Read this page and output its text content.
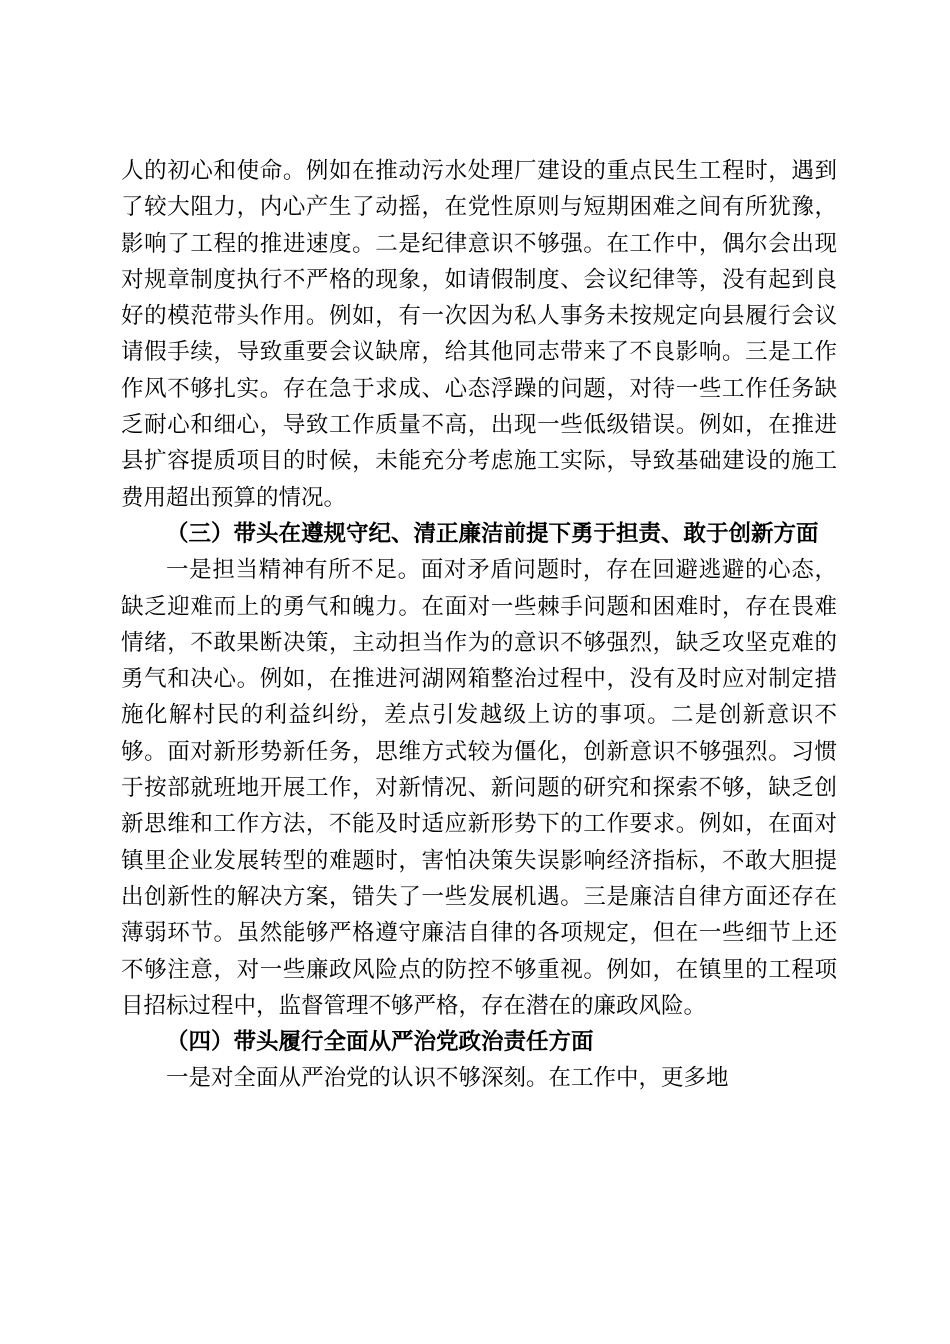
人的初心和使命。例如在推动污水处理厂建设的重点民生工程时，遇到了较大阻力，内心产生了动摇，在党性原则与短期困难之间有所犹豫，影响了工程的推进速度。二是纪律意识不够强。在工作中，偶尔会出现对规章制度执行不严格的现象，如请假制度、会议纪律等，没有起到良好的模范带头作用。例如，有一次因为私人事务未按规定向县履行会议请假手续，导致重要会议缺席，给其他同志带来了不良影响。三是工作作风不够扎实。存在急于求成、心态浮躁的问题，对待一些工作任务缺乏耐心和细心，导致工作质量不高，出现一些低级错误。例如，在推进县扩容提质项目的时候，未能充分考虑施工实际，导致基础建设的施工费用超出预算的情况。

（三）带头在遵规守纪、清正廉洁前提下勇于担责、敢于创新方面

一是担当精神有所不足。面对矛盾问题时，存在回避逃避的心态，缺乏迎难而上的勇气和魄力。在面对一些棘手问题和困难时，存在畏难情绪，不敢果断决策，主动担当作为的意识不够强烈，缺乏攻坚克难的勇气和决心。例如，在推进河湖网箱整治过程中，没有及时应对制定措施化解村民的利益纠纷，差点引发越级上访的事项。二是创新意识不够。面对新形势新任务，思维方式较为僵化，创新意识不够强烈。习惯于按部就班地开展工作，对新情况、新问题的研究和探索不够，缺乏创新思维和工作方法，不能及时适应新形势下的工作要求。例如，在面对镇里企业发展转型的难题时，害怕决策失误影响经济指标，不敢大胆提出创新性的解决方案，错失了一些发展机遇。三是廉洁自律方面还存在薄弱环节。虽然能够严格遵守廉洁自律的各项规定，但在一些细节上还不够注意，对一些廉政风险点的防控不够重视。例如，在镇里的工程项目招标过程中，监督管理不够严格，存在潜在的廉政风险。

（四）带头履行全面从严治党政治责任方面

一是对全面从严治党的认识不够深刻。在工作中，更多地
